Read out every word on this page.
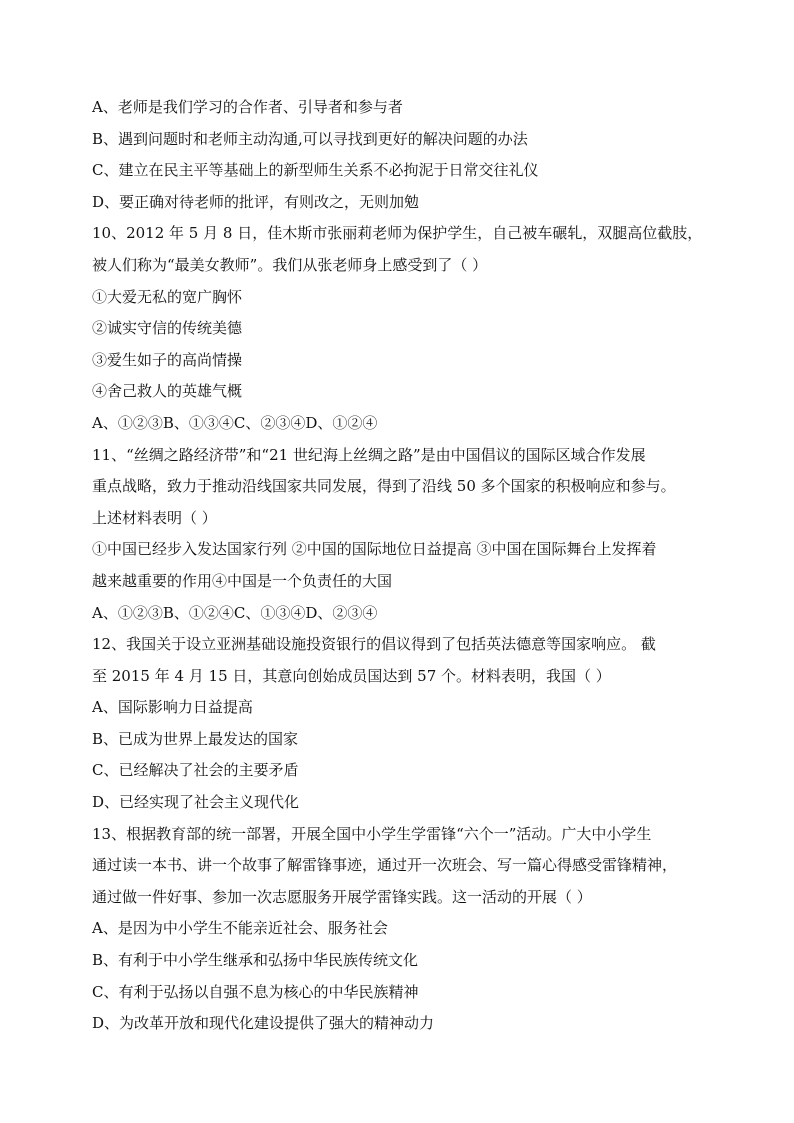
A、老师是我们学习的合作者、引导者和参与者
B、遇到问题时和老师主动沟通,可以寻找到更好的解决问题的办法
C、建立在民主平等基础上的新型师生关系不必拘泥于日常交往礼仪
D、要正确对待老师的批评，有则改之，无则加勉
10、2012 年 5 月 8 日，佳木斯市张丽莉老师为保护学生，自己被车碾轧，双腿高位截肢，
被人们称为“最美女教师”。我们从张老师身上感受到了（ ）
①大爱无私的宽广胸怀
②诚实守信的传统美德
③爱生如子的高尚情操
④舍己救人的英雄气概
A、①②③B、①③④C、②③④D、①②④
11、“丝绸之路经济带”和“21 世纪海上丝绸之路”是由中国倡议的国际区域合作发展
重点战略，致力于推动沿线国家共同发展，得到了沿线 50 多个国家的积极响应和参与。
上述材料表明（ ）
①中国已经步入发达国家行列 ②中国的国际地位日益提高 ③中国在国际舞台上发挥着
越来越重要的作用④中国是一个负责任的大国
A、①②③B、①②④C、①③④D、②③④
12、我国关于设立亚洲基础设施投资银行的倡议得到了包括英法德意等国家响应。 截
至 2015 年 4 月 15 日，其意向创始成员国达到 57 个。材料表明，我国（ ）
A、国际影响力日益提高
B、已成为世界上最发达的国家
C、已经解决了社会的主要矛盾
D、已经实现了社会主义现代化
13、根据教育部的统一部署，开展全国中小学生学雷锋“六个一”活动。广大中小学生
通过读一本书、讲一个故事了解雷锋事迹，通过开一次班会、写一篇心得感受雷锋精神，
通过做一件好事、参加一次志愿服务开展学雷锋实践。这一活动的开展（ ）
A、是因为中小学生不能亲近社会、服务社会
B、有利于中小学生继承和弘扬中华民族传统文化
C、有利于弘扬以自强不息为核心的中华民族精神
D、为改革开放和现代化建设提供了强大的精神动力
